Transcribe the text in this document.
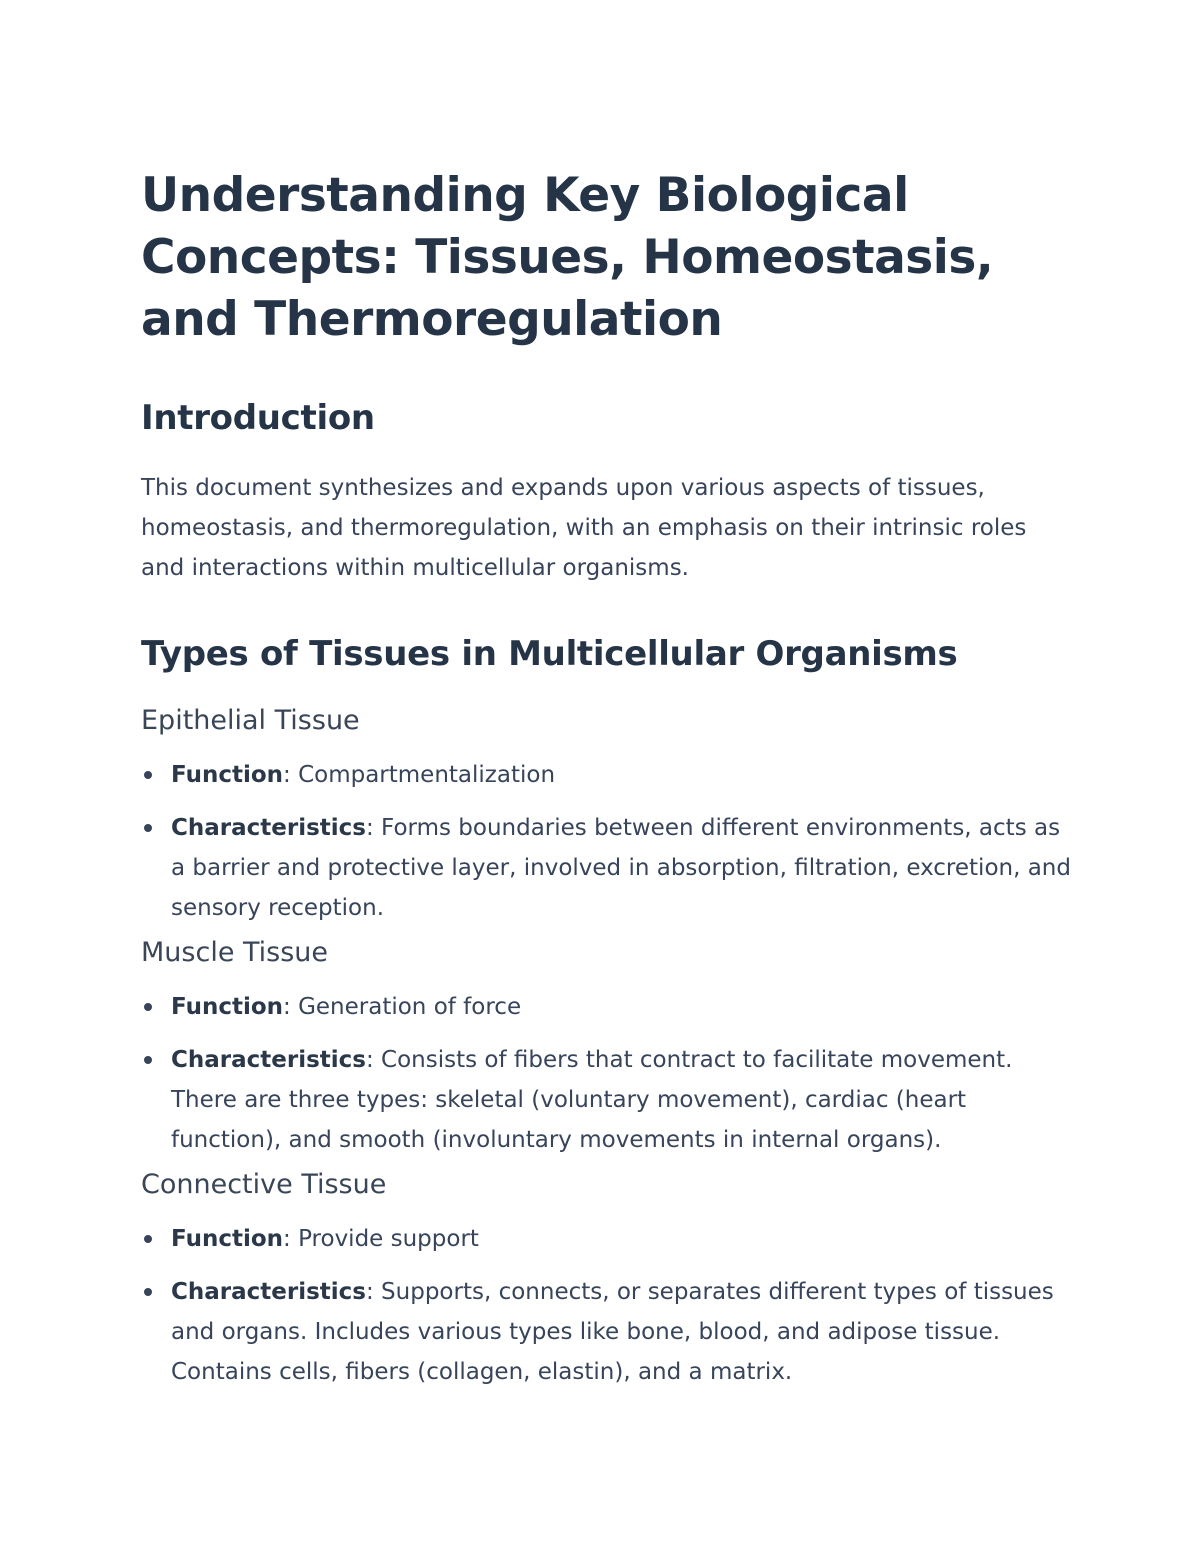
Understanding Key Biological Concepts: Tissues, Homeostasis, and Thermoregulation
Introduction

This document synthesizes and expands upon various aspects of tissues, homeostasis, and thermoregulation, with an emphasis on their intrinsic roles and interactions within multicellular organisms.

Types of Tissues in Multicellular Organisms
Epithelial Tissue
Function: Compartmentalization
Characteristics: Forms boundaries between different environments, acts as a barrier and protective layer, involved in absorption, filtration, excretion, and sensory reception.
Muscle Tissue
Function: Generation of force
Characteristics: Consists of fibers that contract to facilitate movement. There are three types: skeletal (voluntary movement), cardiac (heart function), and smooth (involuntary movements in internal organs).
Connective Tissue
Function: Provide support
Characteristics: Supports, connects, or separates different types of tissues and organs. Includes various types like bone, blood, and adipose tissue. Contains cells, fibers (collagen, elastin), and a matrix.
